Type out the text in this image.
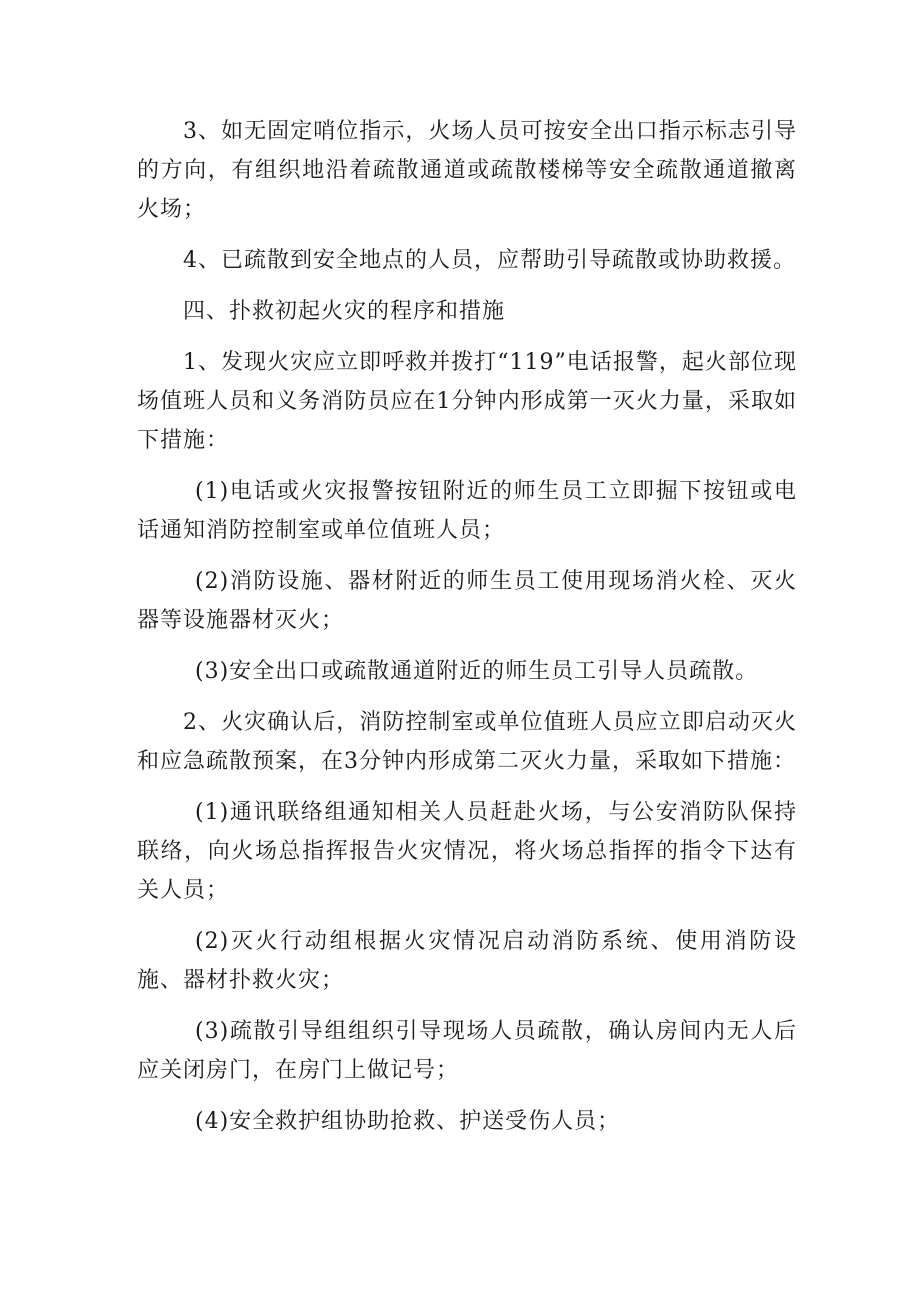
3、如无固定哨位指示，火场人员可按安全出口指示标志引导的方向，有组织地沿着疏散通道或疏散楼梯等安全疏散通道撤离火场；

4、已疏散到安全地点的人员，应帮助引导疏散或协助救援。

四、扑救初起火灾的程序和措施

1、发现火灾应立即呼救并拨打“119”电话报警，起火部位现场值班人员和义务消防员应在1分钟内形成第一灭火力量，采取如下措施：

(1)电话或火灾报警按钮附近的师生员工立即掘下按钮或电话通知消防控制室或单位值班人员；

(2)消防设施、器材附近的师生员工使用现场消火栓、灭火器等设施器材灭火；

(3)安全出口或疏散通道附近的师生员工引导人员疏散。

2、火灾确认后，消防控制室或单位值班人员应立即启动灭火和应急疏散预案，在3分钟内形成第二灭火力量，采取如下措施：

(1)通讯联络组通知相关人员赶赴火场，与公安消防队保持联络，向火场总指挥报告火灾情况，将火场总指挥的指令下达有关人员；

(2)灭火行动组根据火灾情况启动消防系统、使用消防设施、器材扑救火灾；

(3)疏散引导组组织引导现场人员疏散，确认房间内无人后应关闭房门，在房门上做记号；

(4)安全救护组协助抢救、护送受伤人员；
